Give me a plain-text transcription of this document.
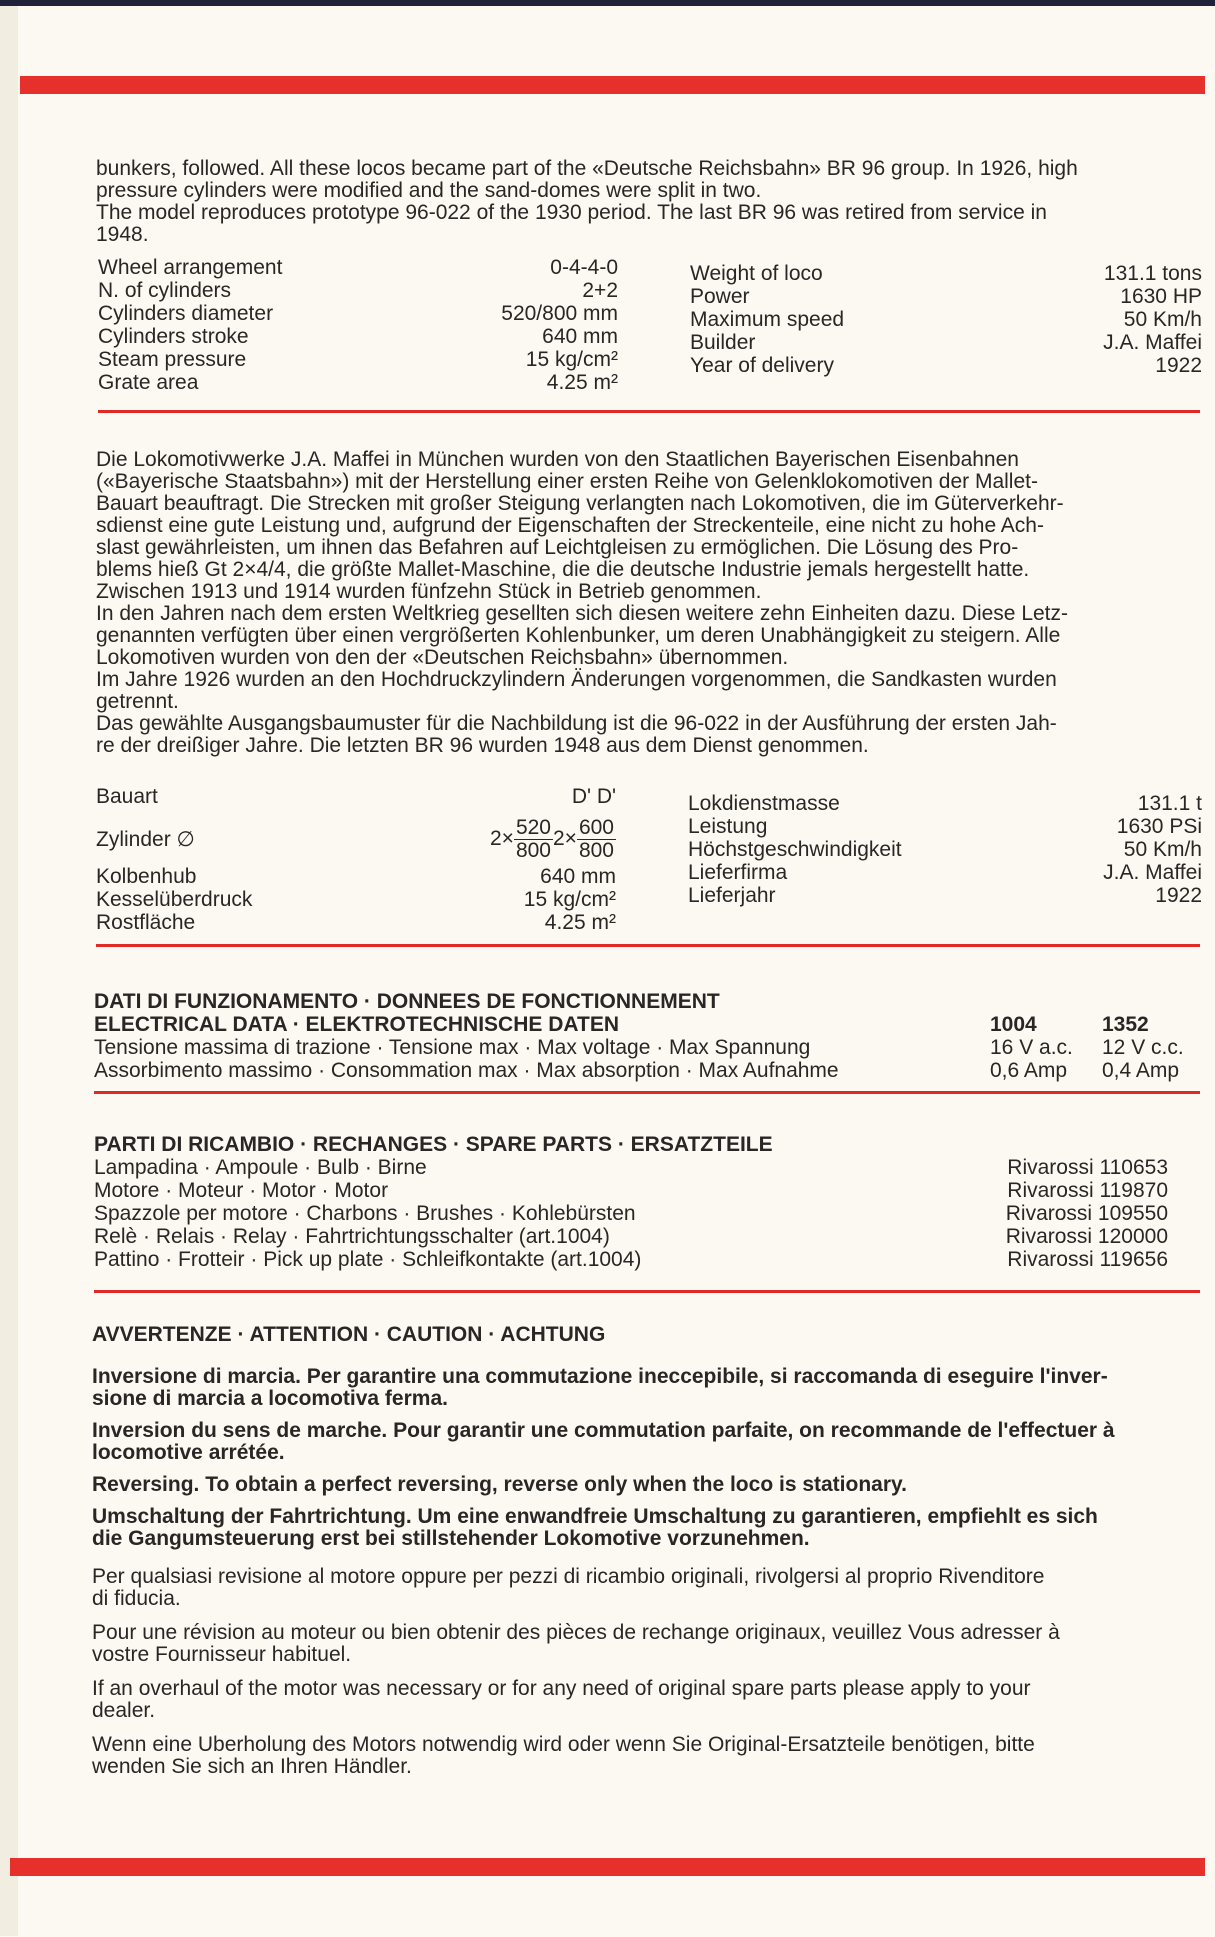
bunkers, followed. All these locos became part of the «Deutsche Reichsbahn» BR 96 group. In 1926, high
pressure cylinders were modified and the sand-domes were split in two.
The model reproduces prototype 96-022 of the 1930 period. The last BR 96 was retired from service in
1948.
Wheel arrangement	0-4-4-0
N. of cylinders	2+2
Cylinders diameter	520/800 mm
Cylinders stroke	640 mm
Steam pressure	15 kg/cm²
Grate area	4.25 m²
Weight of loco	131.1 tons
Power	1630 HP
Maximum speed	50 Km/h
Builder	J.A. Maffei
Year of delivery	1922
Die Lokomotivwerke J.A. Maffei in München wurden von den Staatlichen Bayerischen Eisenbahnen
(«Bayerische Staatsbahn») mit der Herstellung einer ersten Reihe von Gelenklokomotiven der Mallet-
Bauart beauftragt. Die Strecken mit großer Steigung verlangten nach Lokomotiven, die im Güterverkehr-
sdienst eine gute Leistung und, aufgrund der Eigenschaften der Streckenteile, eine nicht zu hohe Ach-
slast gewährleisten, um ihnen das Befahren auf Leichtgleisen zu ermöglichen. Die Lösung des Pro-
blems hieß Gt 2×4/4, die größte Mallet-Maschine, die die deutsche Industrie jemals hergestellt hatte.
Zwischen 1913 und 1914 wurden fünfzehn Stück in Betrieb genommen.
In den Jahren nach dem ersten Weltkrieg gesellten sich diesen weitere zehn Einheiten dazu. Diese Letz-
genannten verfügten über einen vergrößerten Kohlenbunker, um deren Unabhängigkeit zu steigern. Alle
Lokomotiven wurden von den der «Deutschen Reichsbahn» übernommen.
Im Jahre 1926 wurden an den Hochdruckzylindern Änderungen vorgenommen, die Sandkasten wurden
getrennt.
Das gewählte Ausgangsbaumuster für die Nachbildung ist die 96-022 in der Ausführung der ersten Jah-
re der dreißiger Jahre. Die letzten BR 96 wurden 1948 aus dem Dienst genommen.
Bauart	D' D'
Zylinder ∅	$2\times \frac{520}{800} 2\times \frac{600}{800}$
Kolbenhub	640 mm
Kesselüberdruck	15 kg/cm²
Rostfläche	4.25 m²
Lokdienstmasse	131.1 t
Leistung	1630 PSi
Höchstgeschwindigkeit	50 Km/h
Lieferfirma	J.A. Maffei
Lieferjahr	1922
DATI DI FUNZIONAMENTO · DONNEES DE FONCTIONNEMENT
ELECTRICAL DATA · ELEKTROTECHNISCHE DATEN	1004	1352
Tensione massima di trazione · Tensione max · Max voltage · Max Spannung	16 V a.c.	12 V c.c.
Assorbimento massimo · Consommation max · Max absorption · Max Aufnahme	0,6 Amp	0,4 Amp
PARTI DI RICAMBIO · RECHANGES · SPARE PARTS · ERSATZTEILE
Lampadina · Ampoule · Bulb · Birne	Rivarossi 110653
Motore · Moteur · Motor · Motor	Rivarossi 119870
Spazzole per motore · Charbons · Brushes · Kohlebürsten	Rivarossi 109550
Relè · Relais · Relay · Fahrtrichtungsschalter (art.1004)	Rivarossi 120000
Pattino · Frotteir · Pick up plate · Schleifkontakte (art.1004)	Rivarossi 119656
AVVERTENZE · ATTENTION · CAUTION · ACHTUNG
Inversione di marcia. Per garantire una commutazione ineccepibile, si raccomanda di eseguire l'inver-
sione di marcia a locomotiva ferma.
Inversion du sens de marche. Pour garantir une commutation parfaite, on recommande de l'effectuer à
locomotive arrétée.
Reversing. To obtain a perfect reversing, reverse only when the loco is stationary.
Umschaltung der Fahrtrichtung. Um eine enwandfreie Umschaltung zu garantieren, empfiehlt es sich
die Gangumsteuerung erst bei stillstehender Lokomotive vorzunehmen.
Per qualsiasi revisione al motore oppure per pezzi di ricambio originali, rivolgersi al proprio Rivenditore
di fiducia.
Pour une révision au moteur ou bien obtenir des pièces de rechange originaux, veuillez Vous adresser à
vostre Fournisseur habituel.
If an overhaul of the motor was necessary or for any need of original spare parts please apply to your
dealer.
Wenn eine Uberholung des Motors notwendig wird oder wenn Sie Original-Ersatzteile benötigen, bitte
wenden Sie sich an Ihren Händler.
